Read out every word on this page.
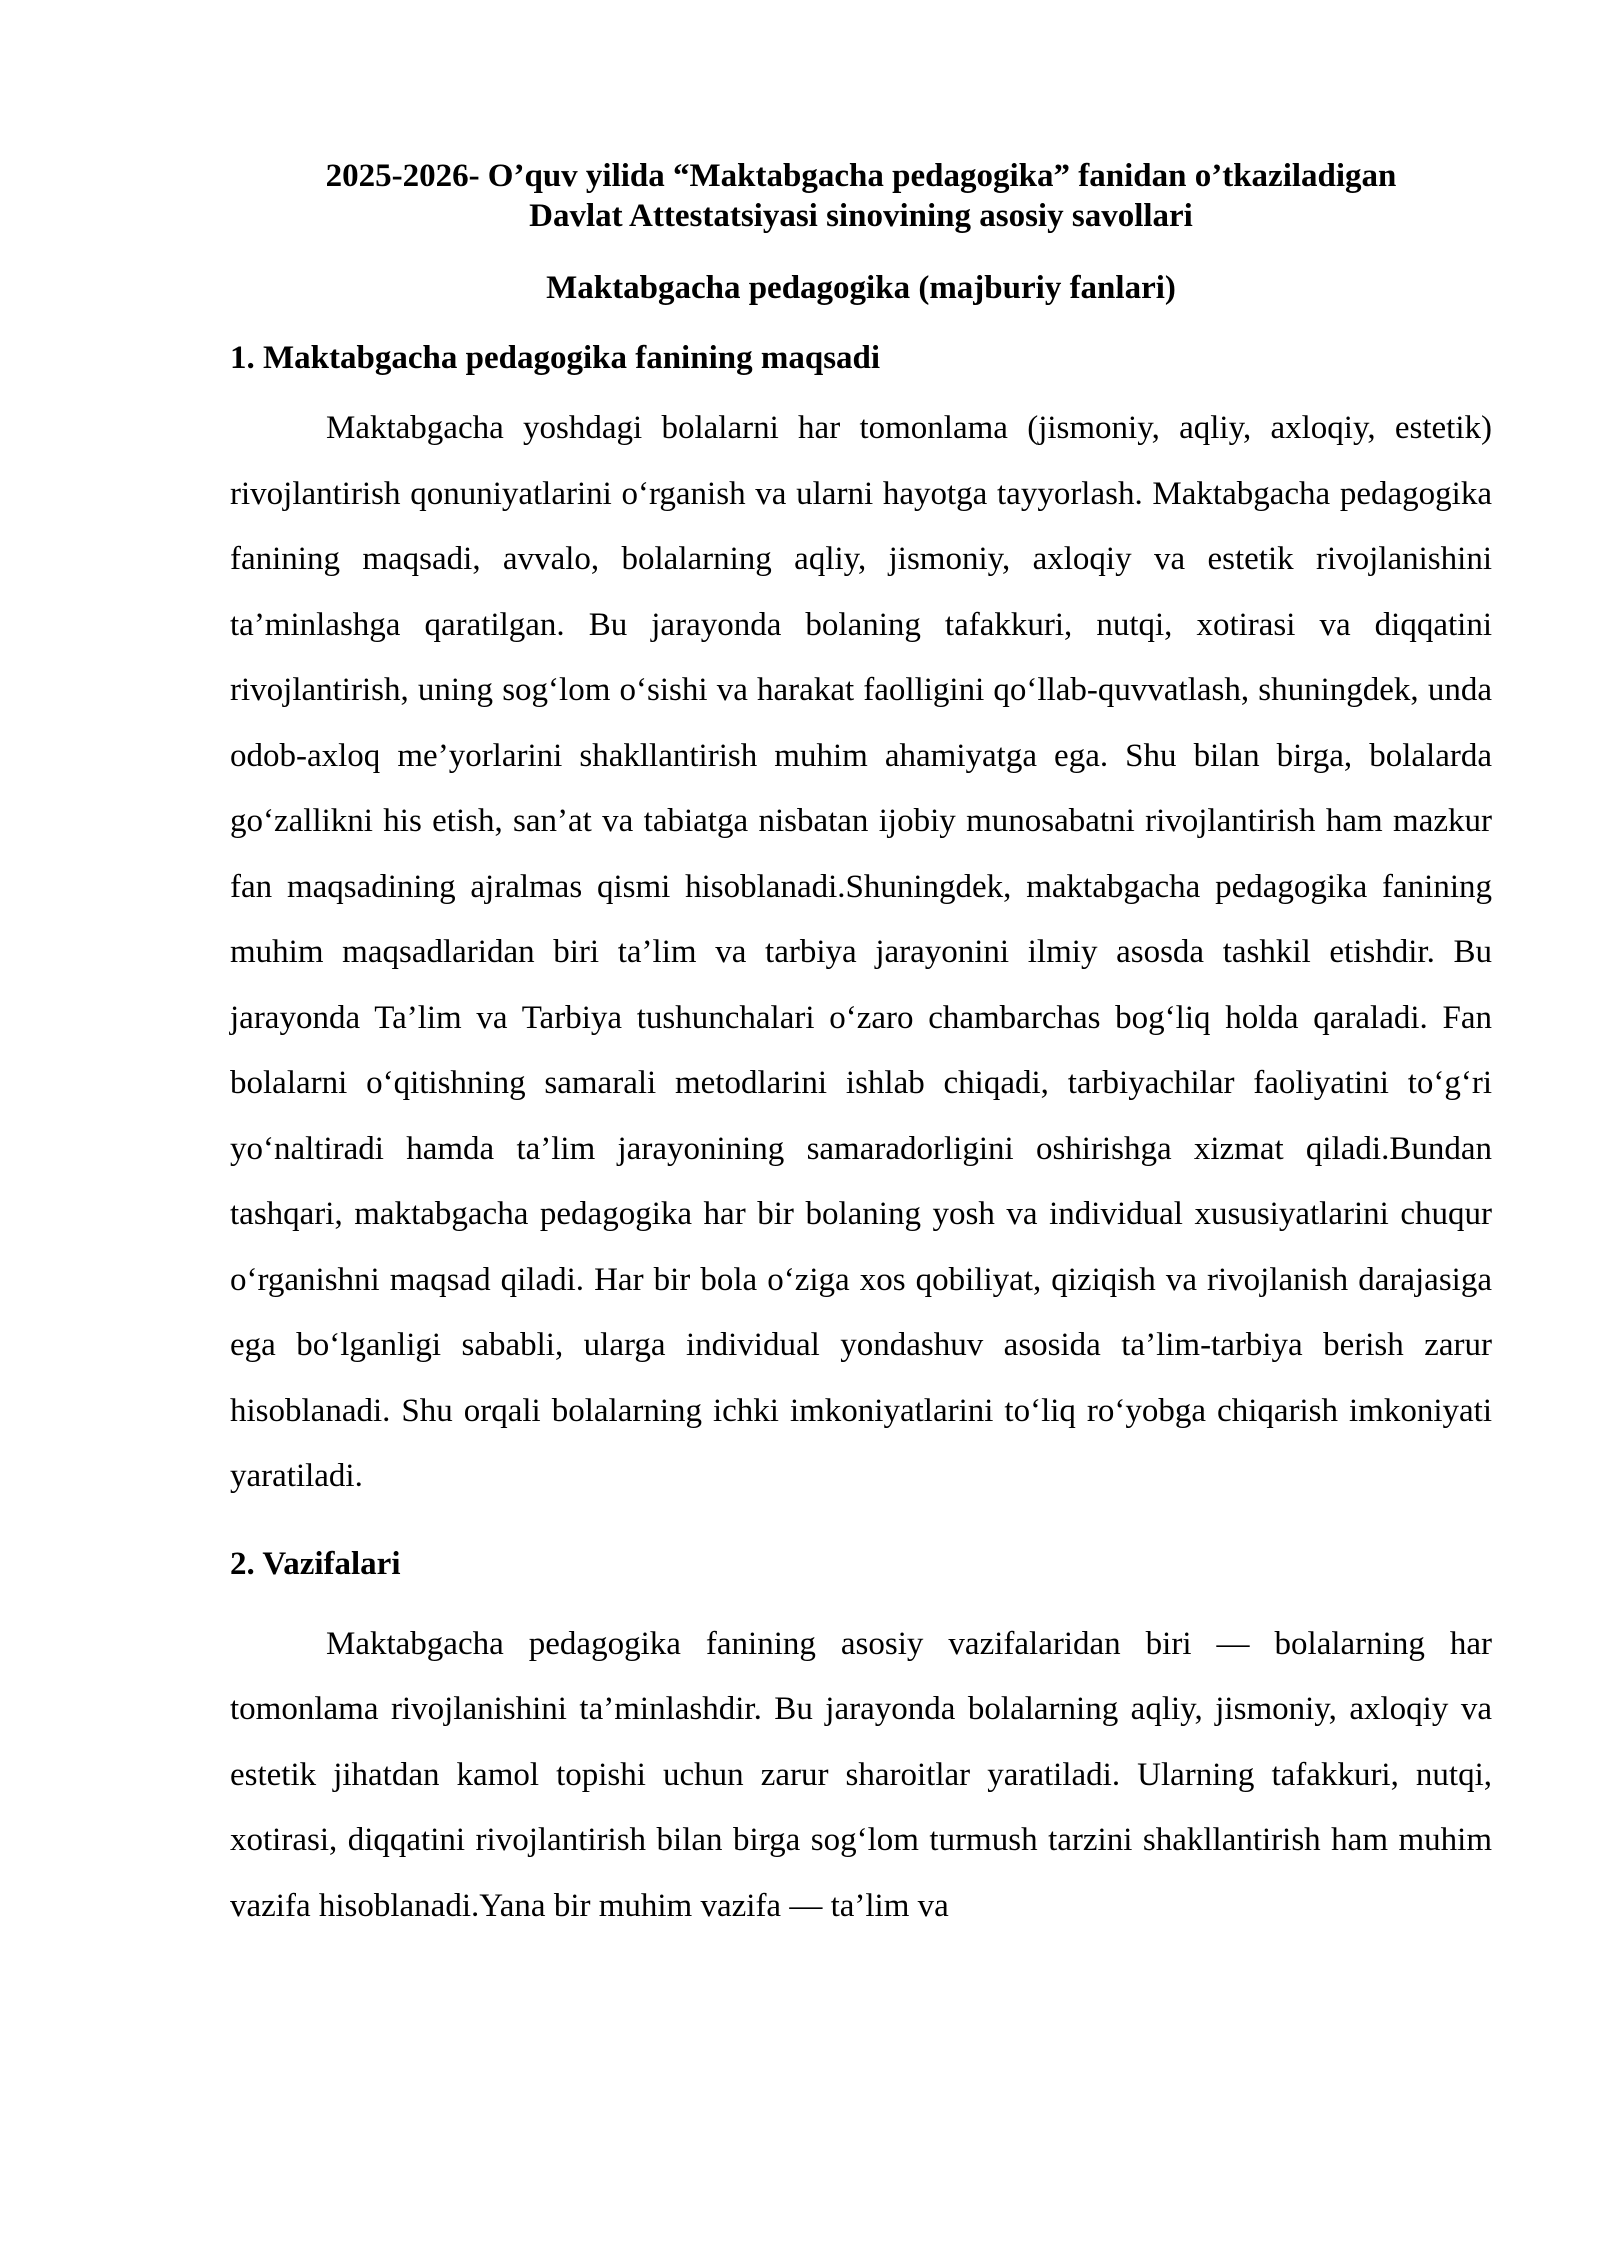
2025-2026- O’quv yilida “Maktabgacha pedagogika” fanidan o’tkaziladigan
Davlat Attestatsiyasi sinovining asosiy savollari
Maktabgacha pedagogika (majburiy fanlari)
1. Maktabgacha pedagogika fanining maqsadi

Maktabgacha yoshdagi bolalarni har tomonlama (jismoniy, aqliy, axloqiy, estetik) rivojlantirish qonuniyatlarini o‘rganish va ularni hayotga tayyorlash. Maktabgacha pedagogika fanining maqsadi, avvalo, bolalarning aqliy, jismoniy, axloqiy va estetik rivojlanishini ta’minlashga qaratilgan. Bu jarayonda bolaning tafakkuri, nutqi, xotirasi va diqqatini rivojlantirish, uning sog‘lom o‘sishi va harakat faolligini qo‘llab-quvvatlash, shuningdek, unda odob-axloq me’yorlarini shakllantirish muhim ahamiyatga ega. Shu bilan birga, bolalarda go‘zallikni his etish, san’at va tabiatga nisbatan ijobiy munosabatni rivojlantirish ham mazkur fan maqsadining ajralmas qismi hisoblanadi.Shuningdek, maktabgacha pedagogika fanining muhim maqsadlaridan biri ta’lim va tarbiya jarayonini ilmiy asosda tashkil etishdir. Bu jarayonda Ta’lim va Tarbiya tushunchalari o‘zaro chambarchas bog‘liq holda qaraladi. Fan bolalarni o‘qitishning samarali metodlarini ishlab chiqadi, tarbiyachilar faoliyatini to‘g‘ri yo‘naltiradi hamda ta’lim jarayonining samaradorligini oshirishga xizmat qiladi.Bundan tashqari, maktabgacha pedagogika har bir bolaning yosh va individual xususiyatlarini chuqur o‘rganishni maqsad qiladi. Har bir bola o‘ziga xos qobiliyat, qiziqish va rivojlanish darajasiga ega bo‘lganligi sababli, ularga individual yondashuv asosida ta’lim-tarbiya berish zarur hisoblanadi. Shu orqali bolalarning ichki imkoniyatlarini to‘liq ro‘yobga chiqarish imkoniyati yaratiladi.

2. Vazifalari

Maktabgacha pedagogika fanining asosiy vazifalaridan biri — bolalarning har tomonlama rivojlanishini ta’minlashdir. Bu jarayonda bolalarning aqliy, jismoniy, axloqiy va estetik jihatdan kamol topishi uchun zarur sharoitlar yaratiladi. Ularning tafakkuri, nutqi, xotirasi, diqqatini rivojlantirish bilan birga sog‘lom turmush tarzini shakllantirish ham muhim vazifa hisoblanadi.Yana bir muhim vazifa — ta’lim va
